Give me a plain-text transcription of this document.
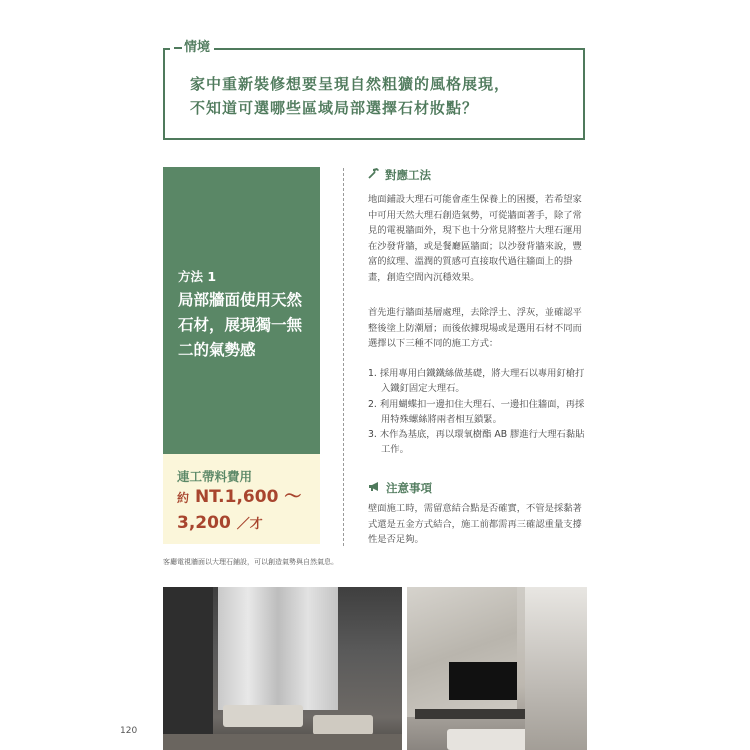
情境
家中重新裝修想要呈現自然粗獷的風格展現，
不知道可選哪些區域局部選擇石材妝點？
方法 1
局部牆面使用天然
石材，展現獨一無
二的氣勢感
連工帶料費用
約 NT.1,600 ～
3,200 ／才
對應工法
地面鋪設大理石可能會產生保養上的困擾，若希望家中可用天然大理石創造氣勢，可從牆面著手，除了常見的電視牆面外，現下也十分常見將整片大理石運用在沙發背牆，或是餐廳區牆面；以沙發背牆來說，豐富的紋理、溫潤的質感可直接取代過往牆面上的掛畫，創造空間內沉穩效果。
首先進行牆面基層處理，去除浮土、浮灰，並確認平整後塗上防潮層；而後依據現場或是選用石材不同而選擇以下三種不同的施工方式：
1. 採用專用白鐵鐵絲做基礎，將大理石以專用釘槍打入鐵釘固定大理石。
2. 利用蝴蝶扣一邊扣住大理石、一邊扣住牆面，再採用特殊螺絲將兩者相互鎖緊。
3. 木作為基底，再以環氧樹酯 AB 膠進行大理石黏貼工作。
注意事項
壁面施工時，需留意結合點是否確實，不管是採黏著式還是五金方式結合，施工前都需再三確認重量支撐性是否足夠。
客廳電視牆面以大理石鋪設，可以創造氣勢與自然氣息。
120
